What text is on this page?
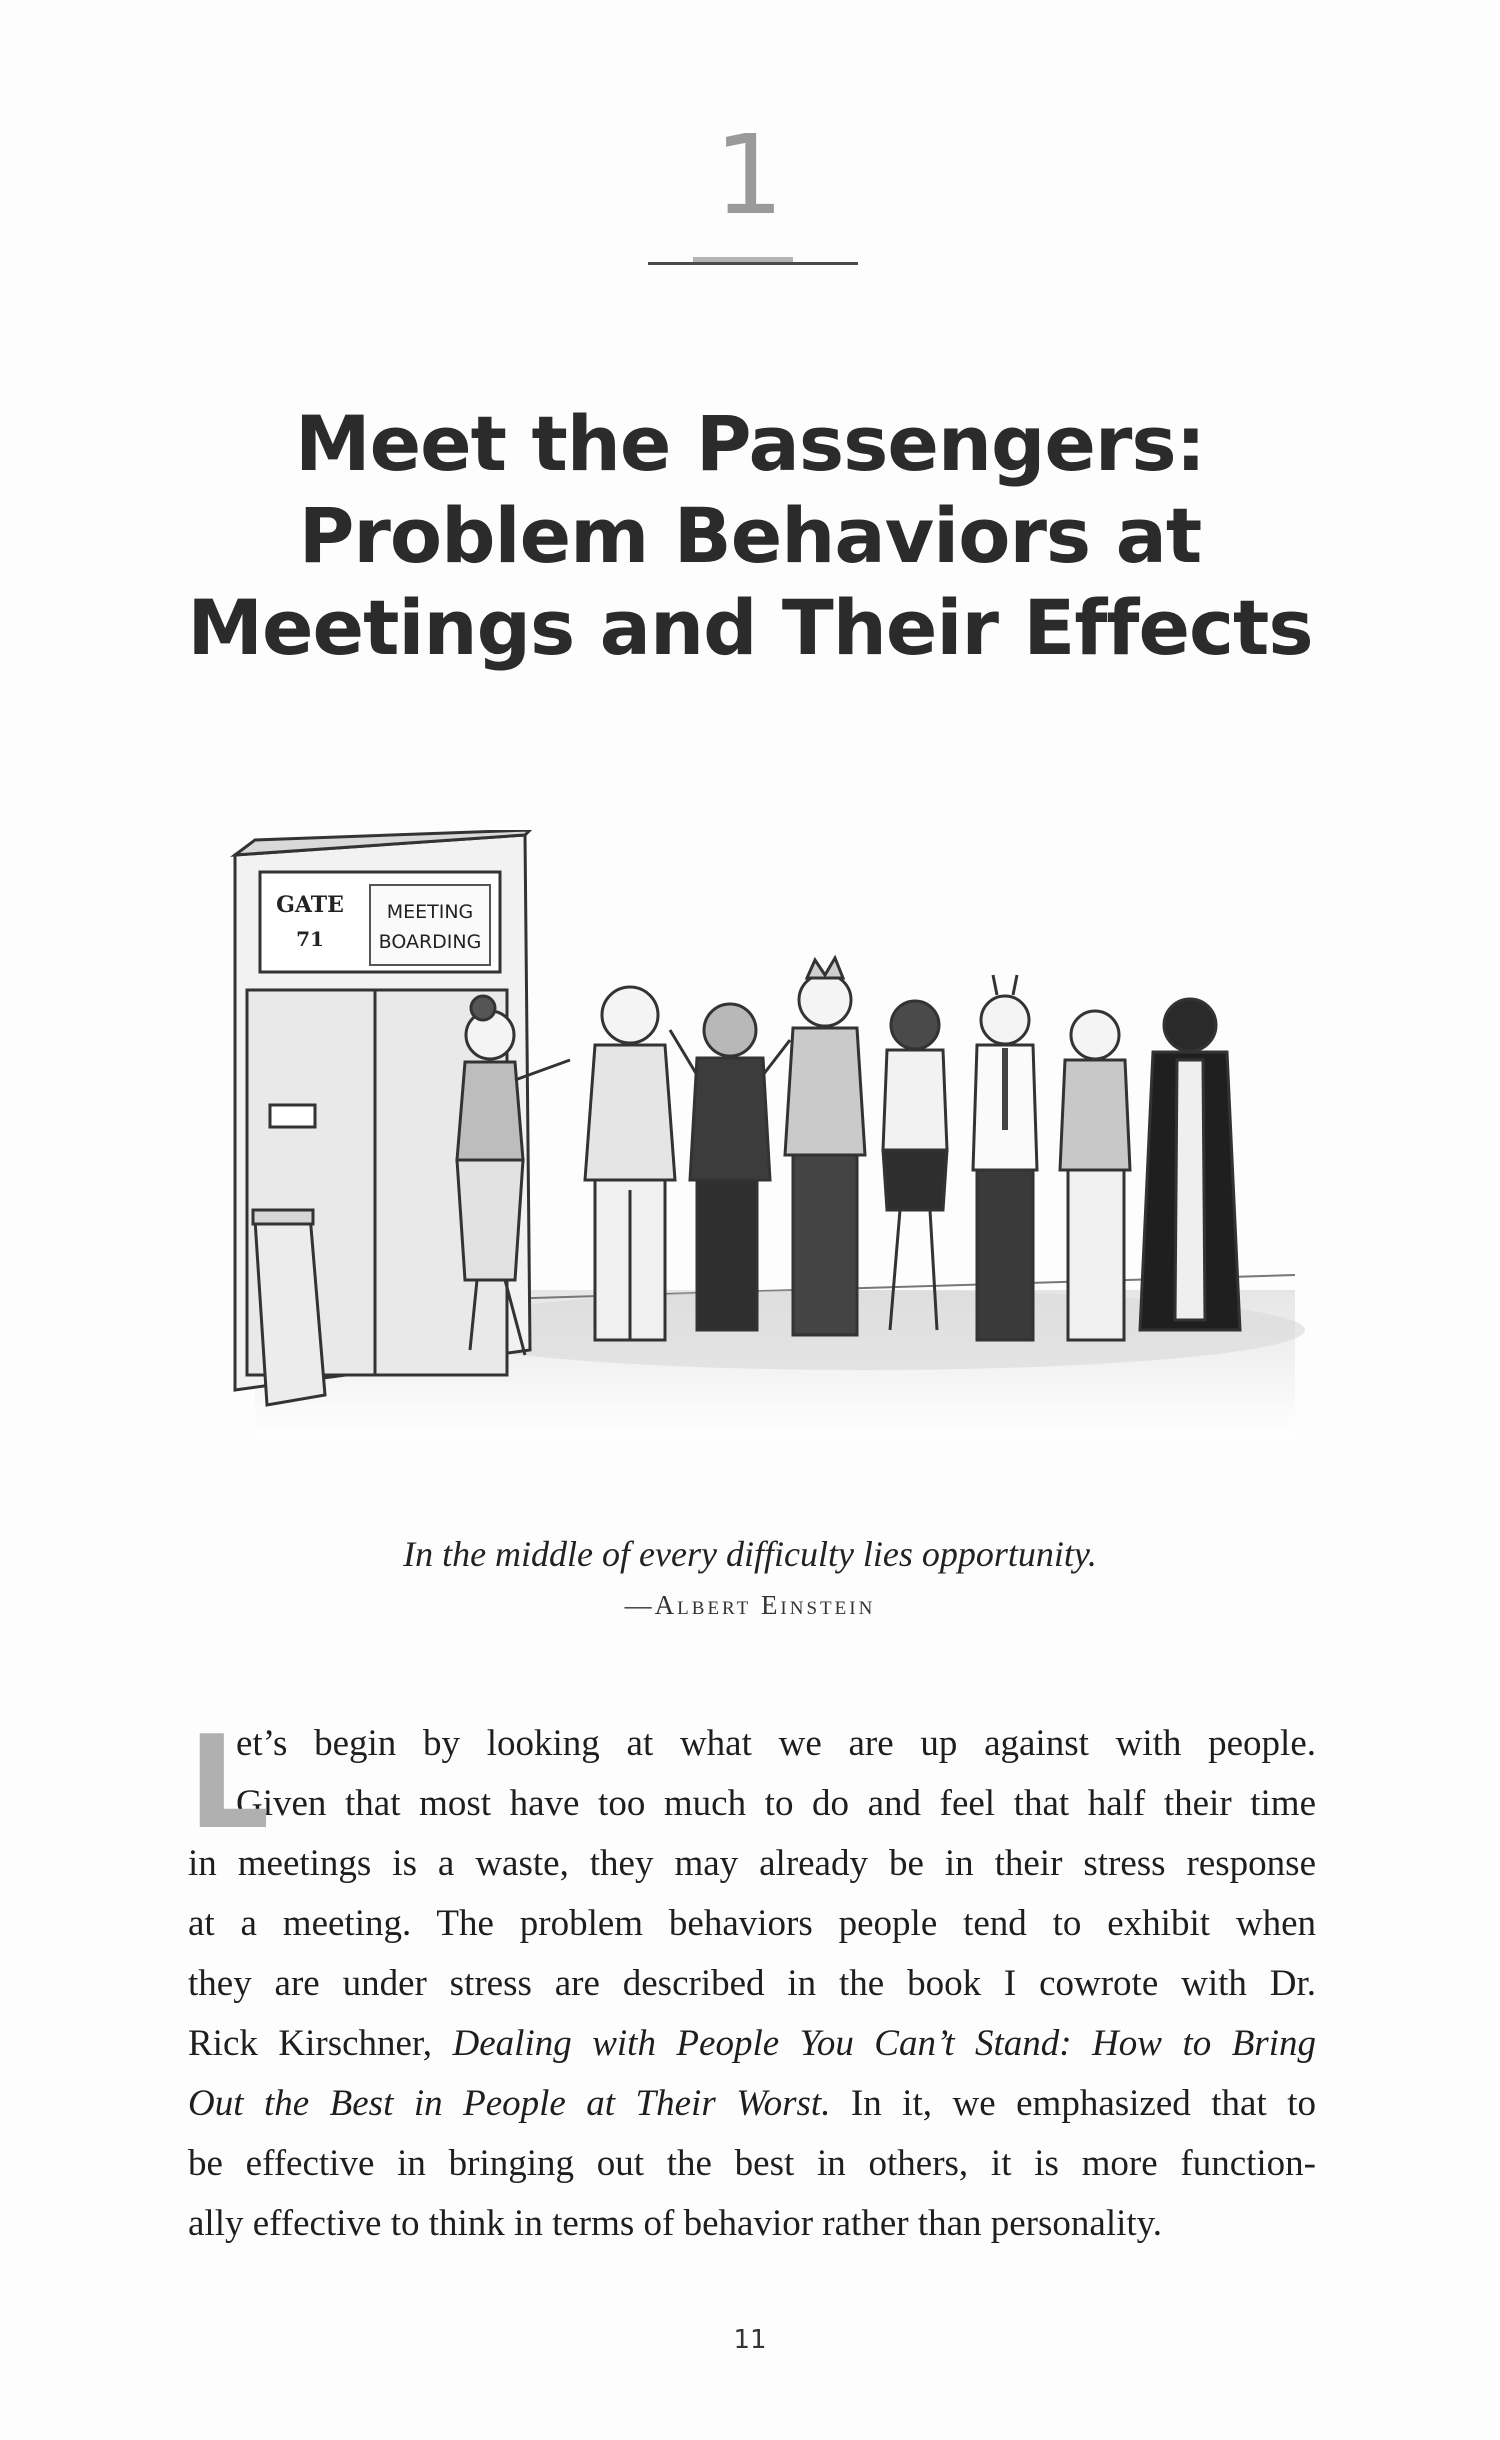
1
Meet the Passengers:
Problem Behaviors at
Meetings and Their Effects
GATE
71
MEETING
BOARDING
In the middle of every difficulty lies opportunity.
—Albert Einstein
L
et’s begin by looking at what we are up against with people.
Given that most have too much to do and feel that half their time
in meetings is a waste, they may already be in their stress response
at a meeting. The problem behaviors people tend to exhibit when
they are under stress are described in the book I cowrote with Dr.
Rick Kirschner, Dealing with People You Can’t Stand: How to Bring
Out the Best in People at Their Worst. In it, we emphasized that to
be effective in bringing out the best in others, it is more function-
ally effective to think in terms of behavior rather than personality.
11
